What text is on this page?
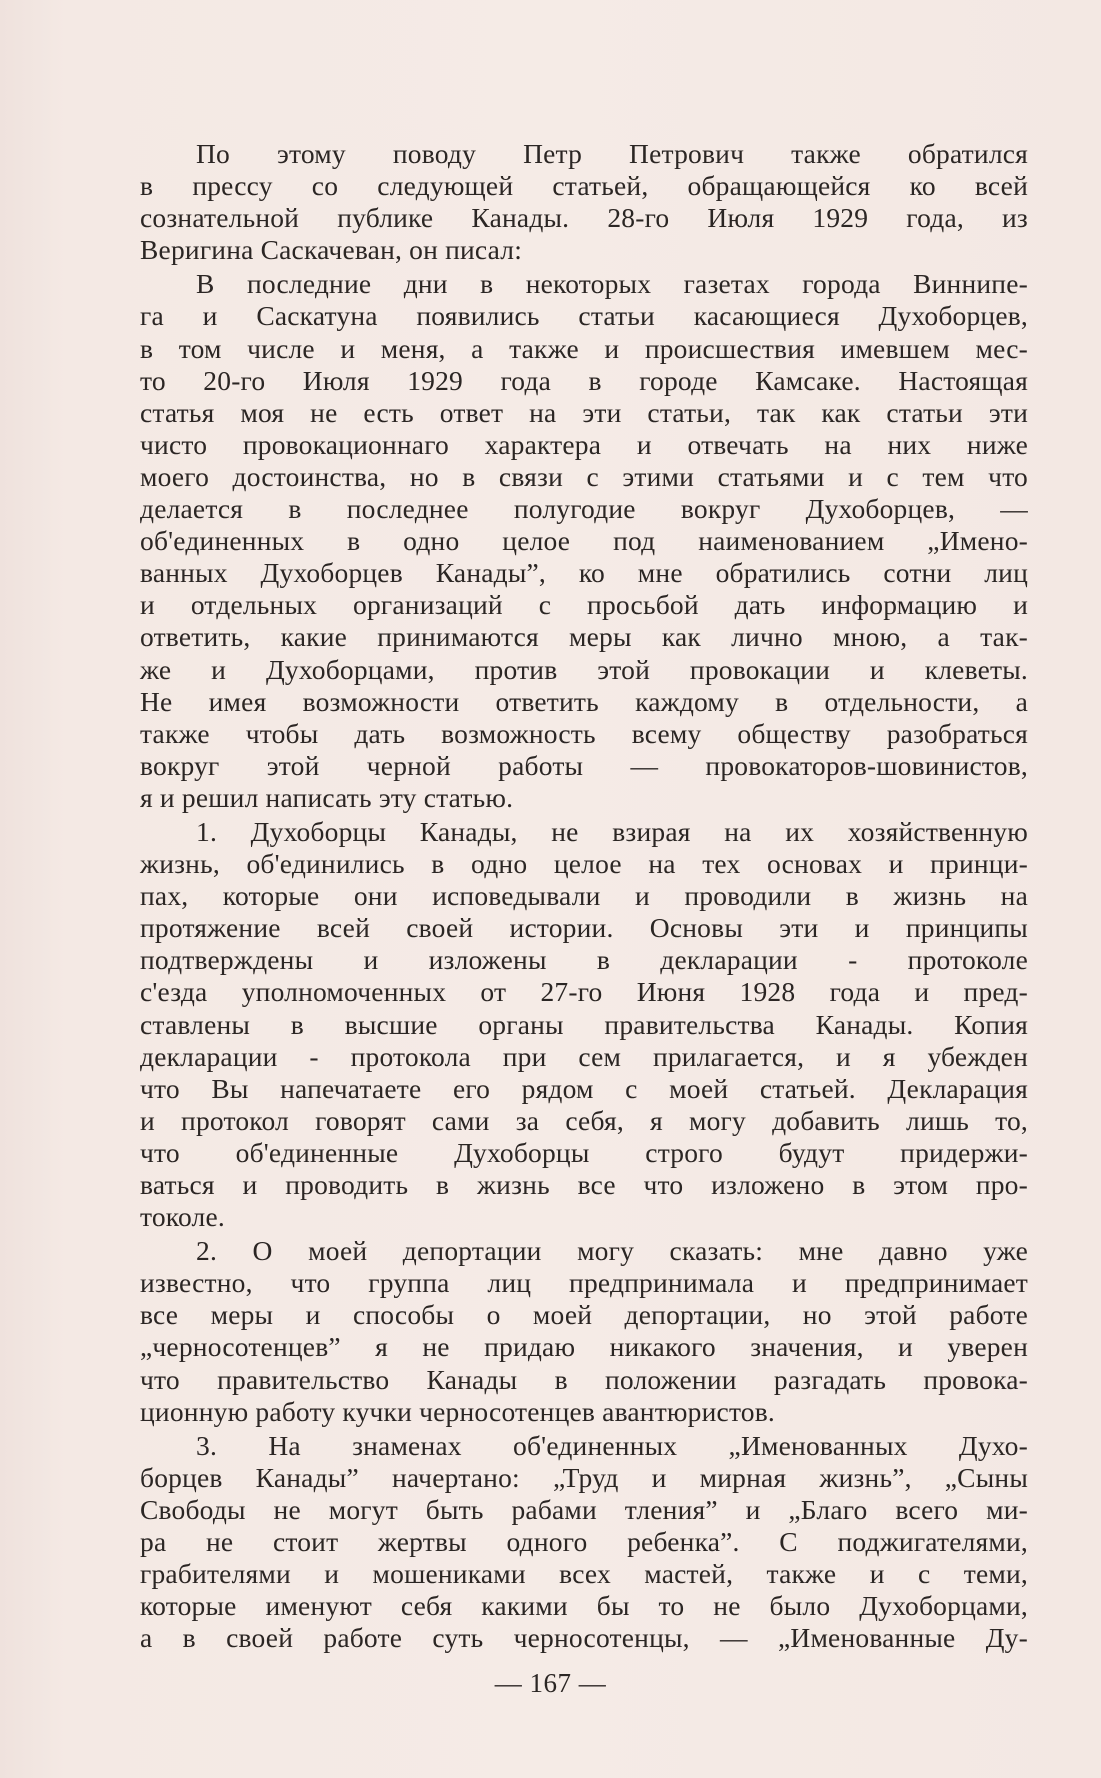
По этому поводу Петр Петрович также обратился
в прессу со следующей статьей, обращающейся ко всей
сознательной публике Канады. 28-го Июля 1929 года, из
Веригина Саскачеван, он писал:

В последние дни в некоторых газетах города Виннипе-
га и Саскатуна появились статьи касающиеся Духоборцев,
в том числе и меня, а также и происшествия имевшем мес-
то 20-го Июля 1929 года в городе Камсаке. Настоящая
статья моя не есть ответ на эти статьи, так как статьи эти
чисто провокационнаго характера и отвечать на них ниже
моего достоинства, но в связи с этими статьями и с тем что
делается в последнее полугодие вокруг Духоборцев, —
об'единенных в одно целое под наименованием „Имено-
ванных Духоборцев Канады”, ко мне обратились сотни лиц
и отдельных организаций с просьбой дать информацию и
ответить, какие принимаются меры как лично мною, а так-
же и Духоборцами, против этой провокации и клеветы.
Не имея возможности ответить каждому в отдельности, а
также чтобы дать возможность всему обществу разобраться
вокруг этой черной работы — провокаторов-шовинистов,
я и решил написать эту статью.

1. Духоборцы Канады, не взирая на их хозяйственную
жизнь, об'единились в одно целое на тех основах и принци-
пах, которые они исповедывали и проводили в жизнь на
протяжение всей своей истории. Основы эти и принципы
подтверждены и изложены в декларации - протоколе
с'езда уполномоченных от 27-го Июня 1928 года и пред-
ставлены в высшие органы правительства Канады. Копия
декларации - протокола при сем прилагается, и я убежден
что Вы напечатаете его рядом с моей статьей. Декларация
и протокол говорят сами за себя, я могу добавить лишь то,
что об'единенные Духоборцы строго будут придержи-
ваться и проводить в жизнь все что изложено в этом про-
токоле.

2. О моей депортации могу сказать: мне давно уже
известно, что группа лиц предпринимала и предпринимает
все меры и способы о моей депортации, но этой работе
„черносотенцев” я не придаю никакого значения, и уверен
что правительство Канады в положении разгадать провока-
ционную работу кучки черносотенцев авантюристов.

3. На знаменах об'единенных „Именованных Духо-
борцев Канады” начертано: „Труд и мирная жизнь”, „Сыны
Свободы не могут быть рабами тления” и „Благо всего ми-
ра не стоит жертвы одного ребенка”. С поджигателями,
грабителями и мошениками всех мастей, также и с теми,
которые именуют себя какими бы то не было Духоборцами,
а в своей работе суть черносотенцы, — „Именованные Ду-

— 167 —
